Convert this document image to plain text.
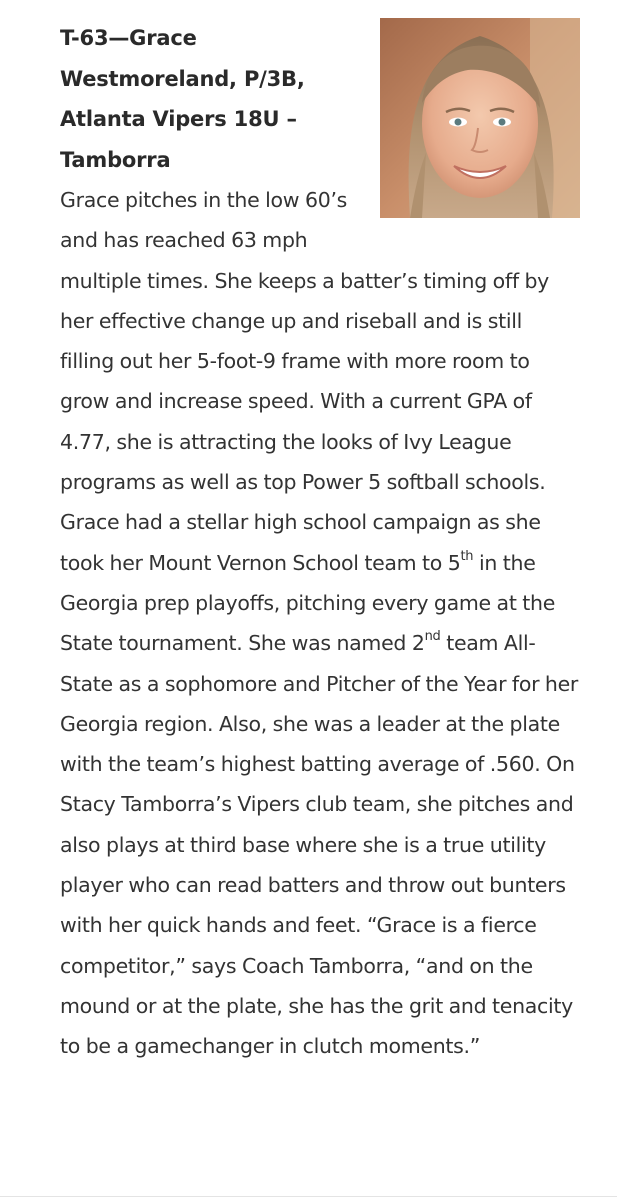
T-63—Grace Westmoreland, P/3B, Atlanta Vipers 18U – Tamborra

Grace pitches in the low 60’s and has reached 63 mph multiple times. She keeps a batter’s timing off by her effective change up and riseball and is still filling out her 5-foot-9 frame with more room to grow and increase speed. With a current GPA of 4.77, she is attracting the looks of Ivy League programs as well as top Power 5 softball schools. Grace had a stellar high school campaign as she took her Mount Vernon School team to 5th in the Georgia prep playoffs, pitching every game at the State tournament. She was named 2nd team All-State as a sophomore and Pitcher of the Year for her Georgia region. Also, she was a leader at the plate with the team’s highest batting average of .560. On Stacy Tamborra’s Vipers club team, she pitches and also plays at third base where she is a true utility player who can read batters and throw out bunters with her quick hands and feet. “Grace is a fierce competitor,” says Coach Tamborra, “and on the mound or at the plate, she has the grit and tenacity to be a gamechanger in clutch moments.”
